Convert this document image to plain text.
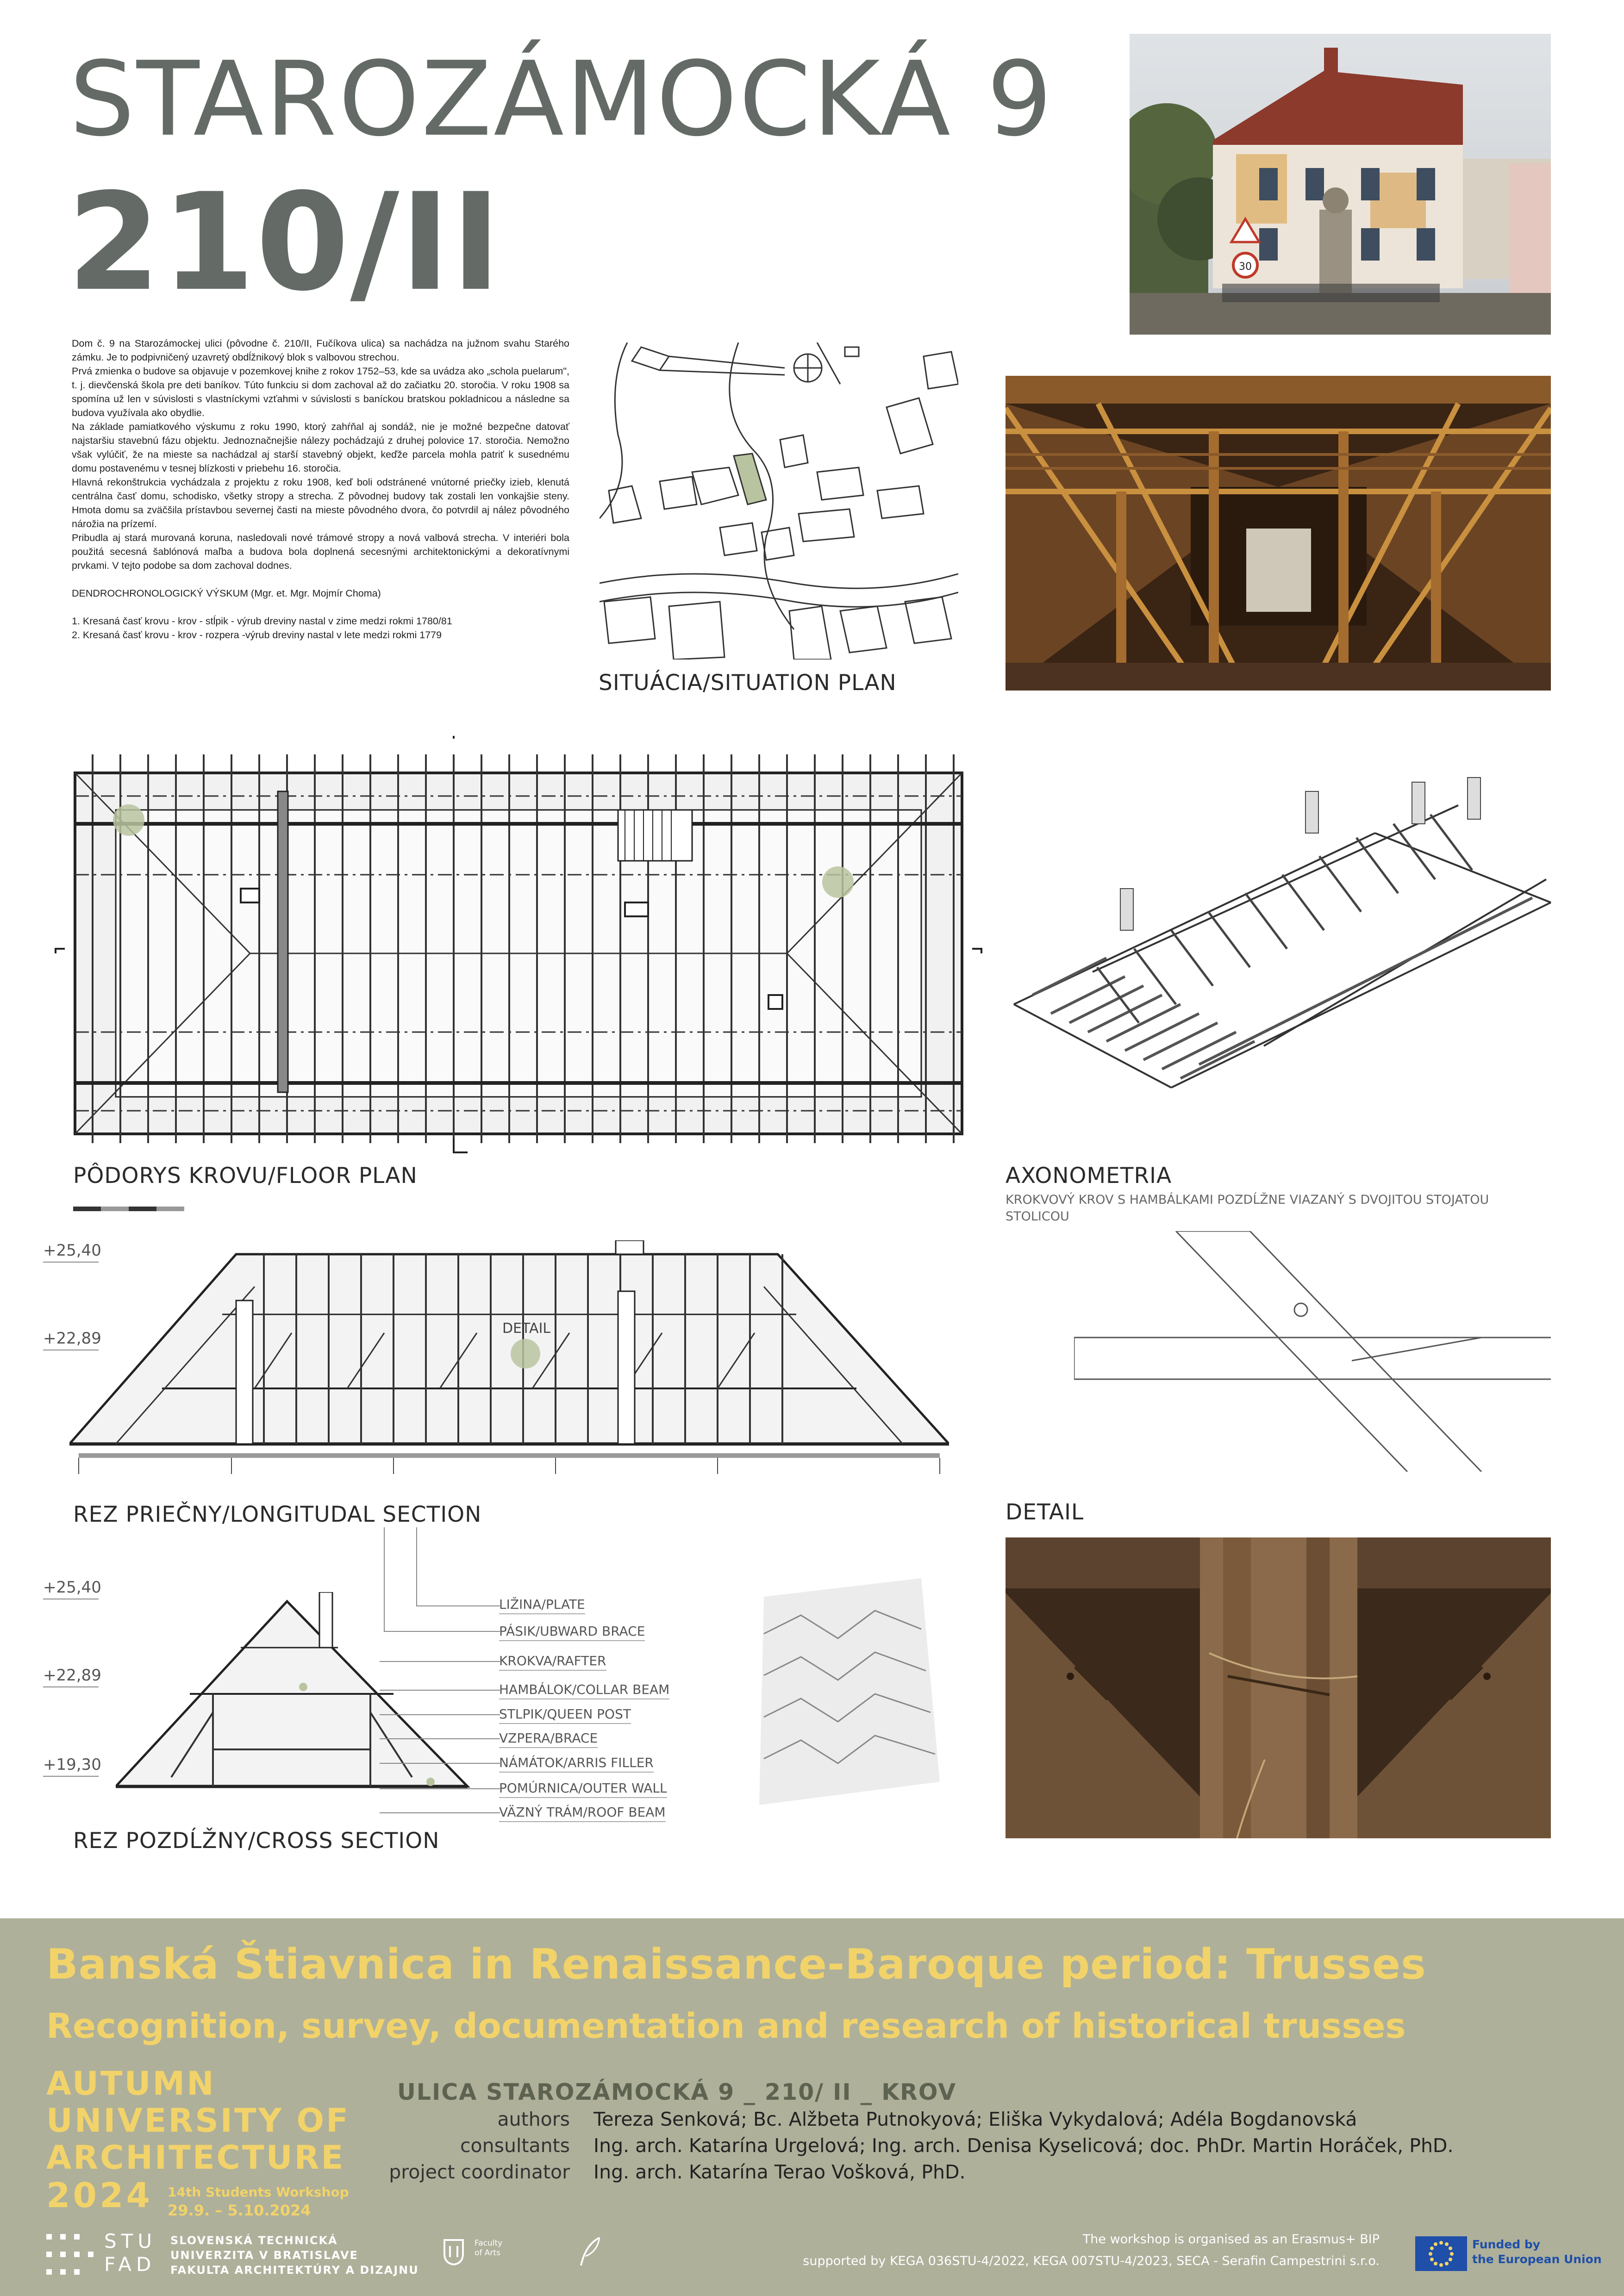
STAROZÁMOCKÁ 9
210/II	30

Dom č. 9 na Starozámockej ulici (pôvodne č. 210/II, Fučíkova ulica) sa nachádza na južnom svahu Starého zámku. Je to podpivničený uzavretý obdĺžnikový blok s valbovou strechou.

Prvá zmienka o budove sa objavuje v pozemkovej knihe z rokov 1752–53, kde sa uvádza ako „schola puelarum", t. j. dievčenská škola pre deti baníkov. Túto funkciu si dom zachoval až do začiatku 20. storočia. V roku 1908 sa spomína už len v súvislosti s vlastníckymi vzťahmi v súvislosti s baníckou bratskou pokladnicou a následne sa budova využívala ako obydlie.

Na základe pamiatkového výskumu z roku 1990, ktorý zahŕňal aj sondáž, nie je možné bezpečne datovať najstaršiu stavebnú fázu objektu. Jednoznačnejšie nálezy pochádzajú z druhej polovice 17. storočia. Nemožno však vylúčiť, že na mieste sa nachádzal aj starší stavebný objekt, keďže parcela mohla patriť k susednému domu postavenému v tesnej blízkosti v priebehu 16. storočia.

Hlavná rekonštrukcia vychádzala z projektu z roku 1908, keď boli odstránené vnútorné priečky izieb, klenutá centrálna časť domu, schodisko, všetky stropy a strecha. Z pôvodnej budovy tak zostali len vonkajšie steny. Hmota domu sa zväčšila prístavbou severnej časti na mieste pôvodného dvora, čo potvrdil aj nález pôvodného nárožia na prízemí.

Pribudla aj stará murovaná koruna, nasledovali nové trámové stropy a nová valbová strecha. V interiéri bola použitá secesná šablónová maľba a budova bola doplnená secesnými architektonickými a dekoratívnymi prvkami. V tejto podobe sa dom zachoval dodnes.

DENDROCHRONOLOGICKÝ VÝSKUM (Mgr. et. Mgr. Mojmír Choma)

1. Kresaná časť krovu - krov - stĺpik - výrub dreviny nastal v zime medzi rokmi 1780/81

2. Kresaná časť krovu - krov - rozpera -výrub dreviny nastal v lete medzi rokmi 1779

SITUÁCIA/SITUATION PLAN
PÔDORYS KROVU/FLOOR PLAN	AXONOMETRIA
KROKVOVÝ KROV S HAMBÁLKAMI POZDĹŽNE VIAZANÝ S DVOJITOU STOJATOU STOLICOU
+25,40
+22,89
DETAIL
REZ PRIEČNY/LONGITUDAL SECTION	DETAIL
+25,40
+22,89
+19,30
REZ POZDĹŽNY/CROSS SECTION
LIŽINA/PLATE
PÁSIK/UBWARD BRACE
KROKVA/RAFTER
HAMBÁLOK/COLLAR BEAM
STLPIK/QUEEN POST
VZPERA/BRACE
NÁMÁTOK/ARRIS FILLER
POMÚRNICA/OUTER WALL
VÄZNÝ TRÁM/ROOF BEAM
Banská Štiavnica in Renaissance-Baroque period: Trusses
Recognition, survey, documentation and research of historical trusses
AUTUMN
UNIVERSITY OF
ARCHITECTURE
2024 14th Students Workshop
29.9. – 5.10.2024
ULICA STAROZÁMOCKÁ 9 _ 210/ II _ KROV
authors Tereza Senková; Bc. Alžbeta Putnokyová; Eliška Vykydalová; Adéla Bogdanovská
consultants Ing. arch. Katarína Urgelová; Ing. arch. Denisa Kyselicová; doc. PhDr. Martin Horáček, PhD.
project coordinator Ing. arch. Katarína Terao Vošková, PhD.
STU
FAD
SLOVENSKÁ TECHNICKÁ
UNIVERZITA V BRATISLAVE
FAKULTA ARCHITEKTÚRY A DIZAJNU
Faculty
of Arts
The workshop is organised as an Erasmus+ BIP
supported by KEGA 036STU-4/2022, KEGA 007STU-4/2023, SECA - Serafin Campestrini s.r.o.
Funded by
the European Union
